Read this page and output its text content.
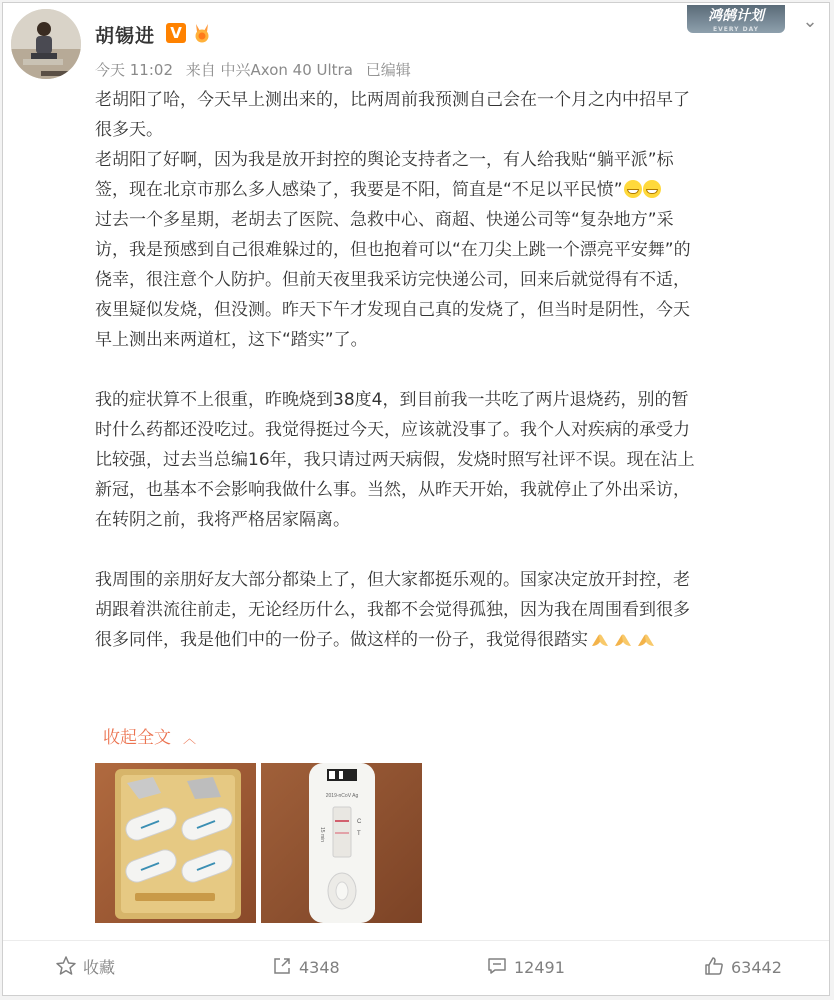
胡锡进 V
今天 11:02 来自 中兴Axon 40 Ultra 已编辑
鸿鹄计划
EVERY DAY	⌄

老胡阳了哈，今天早上测出来的，比两周前我预测自己会在一个月之内中招早了

很多天。

老胡阳了好啊，因为我是放开封控的舆论支持者之一，有人给我贴“躺平派”标

签，现在北京市那么多人感染了，我要是不阳，简直是“不足以平民愤”

过去一个多星期，老胡去了医院、急救中心、商超、快递公司等“复杂地方”采

访，我是预感到自己很难躲过的，但也抱着可以“在刀尖上跳一个漂亮平安舞”的

侥幸，很注意个人防护。但前天夜里我采访完快递公司，回来后就觉得有不适，

夜里疑似发烧，但没测。昨天下午才发现自己真的发烧了，但当时是阴性，今天

早上测出来两道杠，这下“踏实”了。

我的症状算不上很重，昨晚烧到38度4，到目前我一共吃了两片退烧药，别的暂

时什么药都还没吃过。我觉得挺过今天，应该就没事了。我个人对疾病的承受力

比较强，过去当总编16年，我只请过两天病假，发烧时照写社评不误。现在沾上

新冠，也基本不会影响我做什么事。当然，从昨天开始，我就停止了外出采访，

在转阴之前，我将严格居家隔离。

我周围的亲朋好友大部分都染上了，但大家都挺乐观的。国家决定放开封控，老

胡跟着洪流往前走，无论经历什么，我都不会觉得孤独，因为我在周围看到很多

很多同伴，我是他们中的一份子。做这样的一份子，我觉得很踏实

收起全文 ︿
2019-nCoV Ag
15 min
C
T
收藏	4348	12491	63442
